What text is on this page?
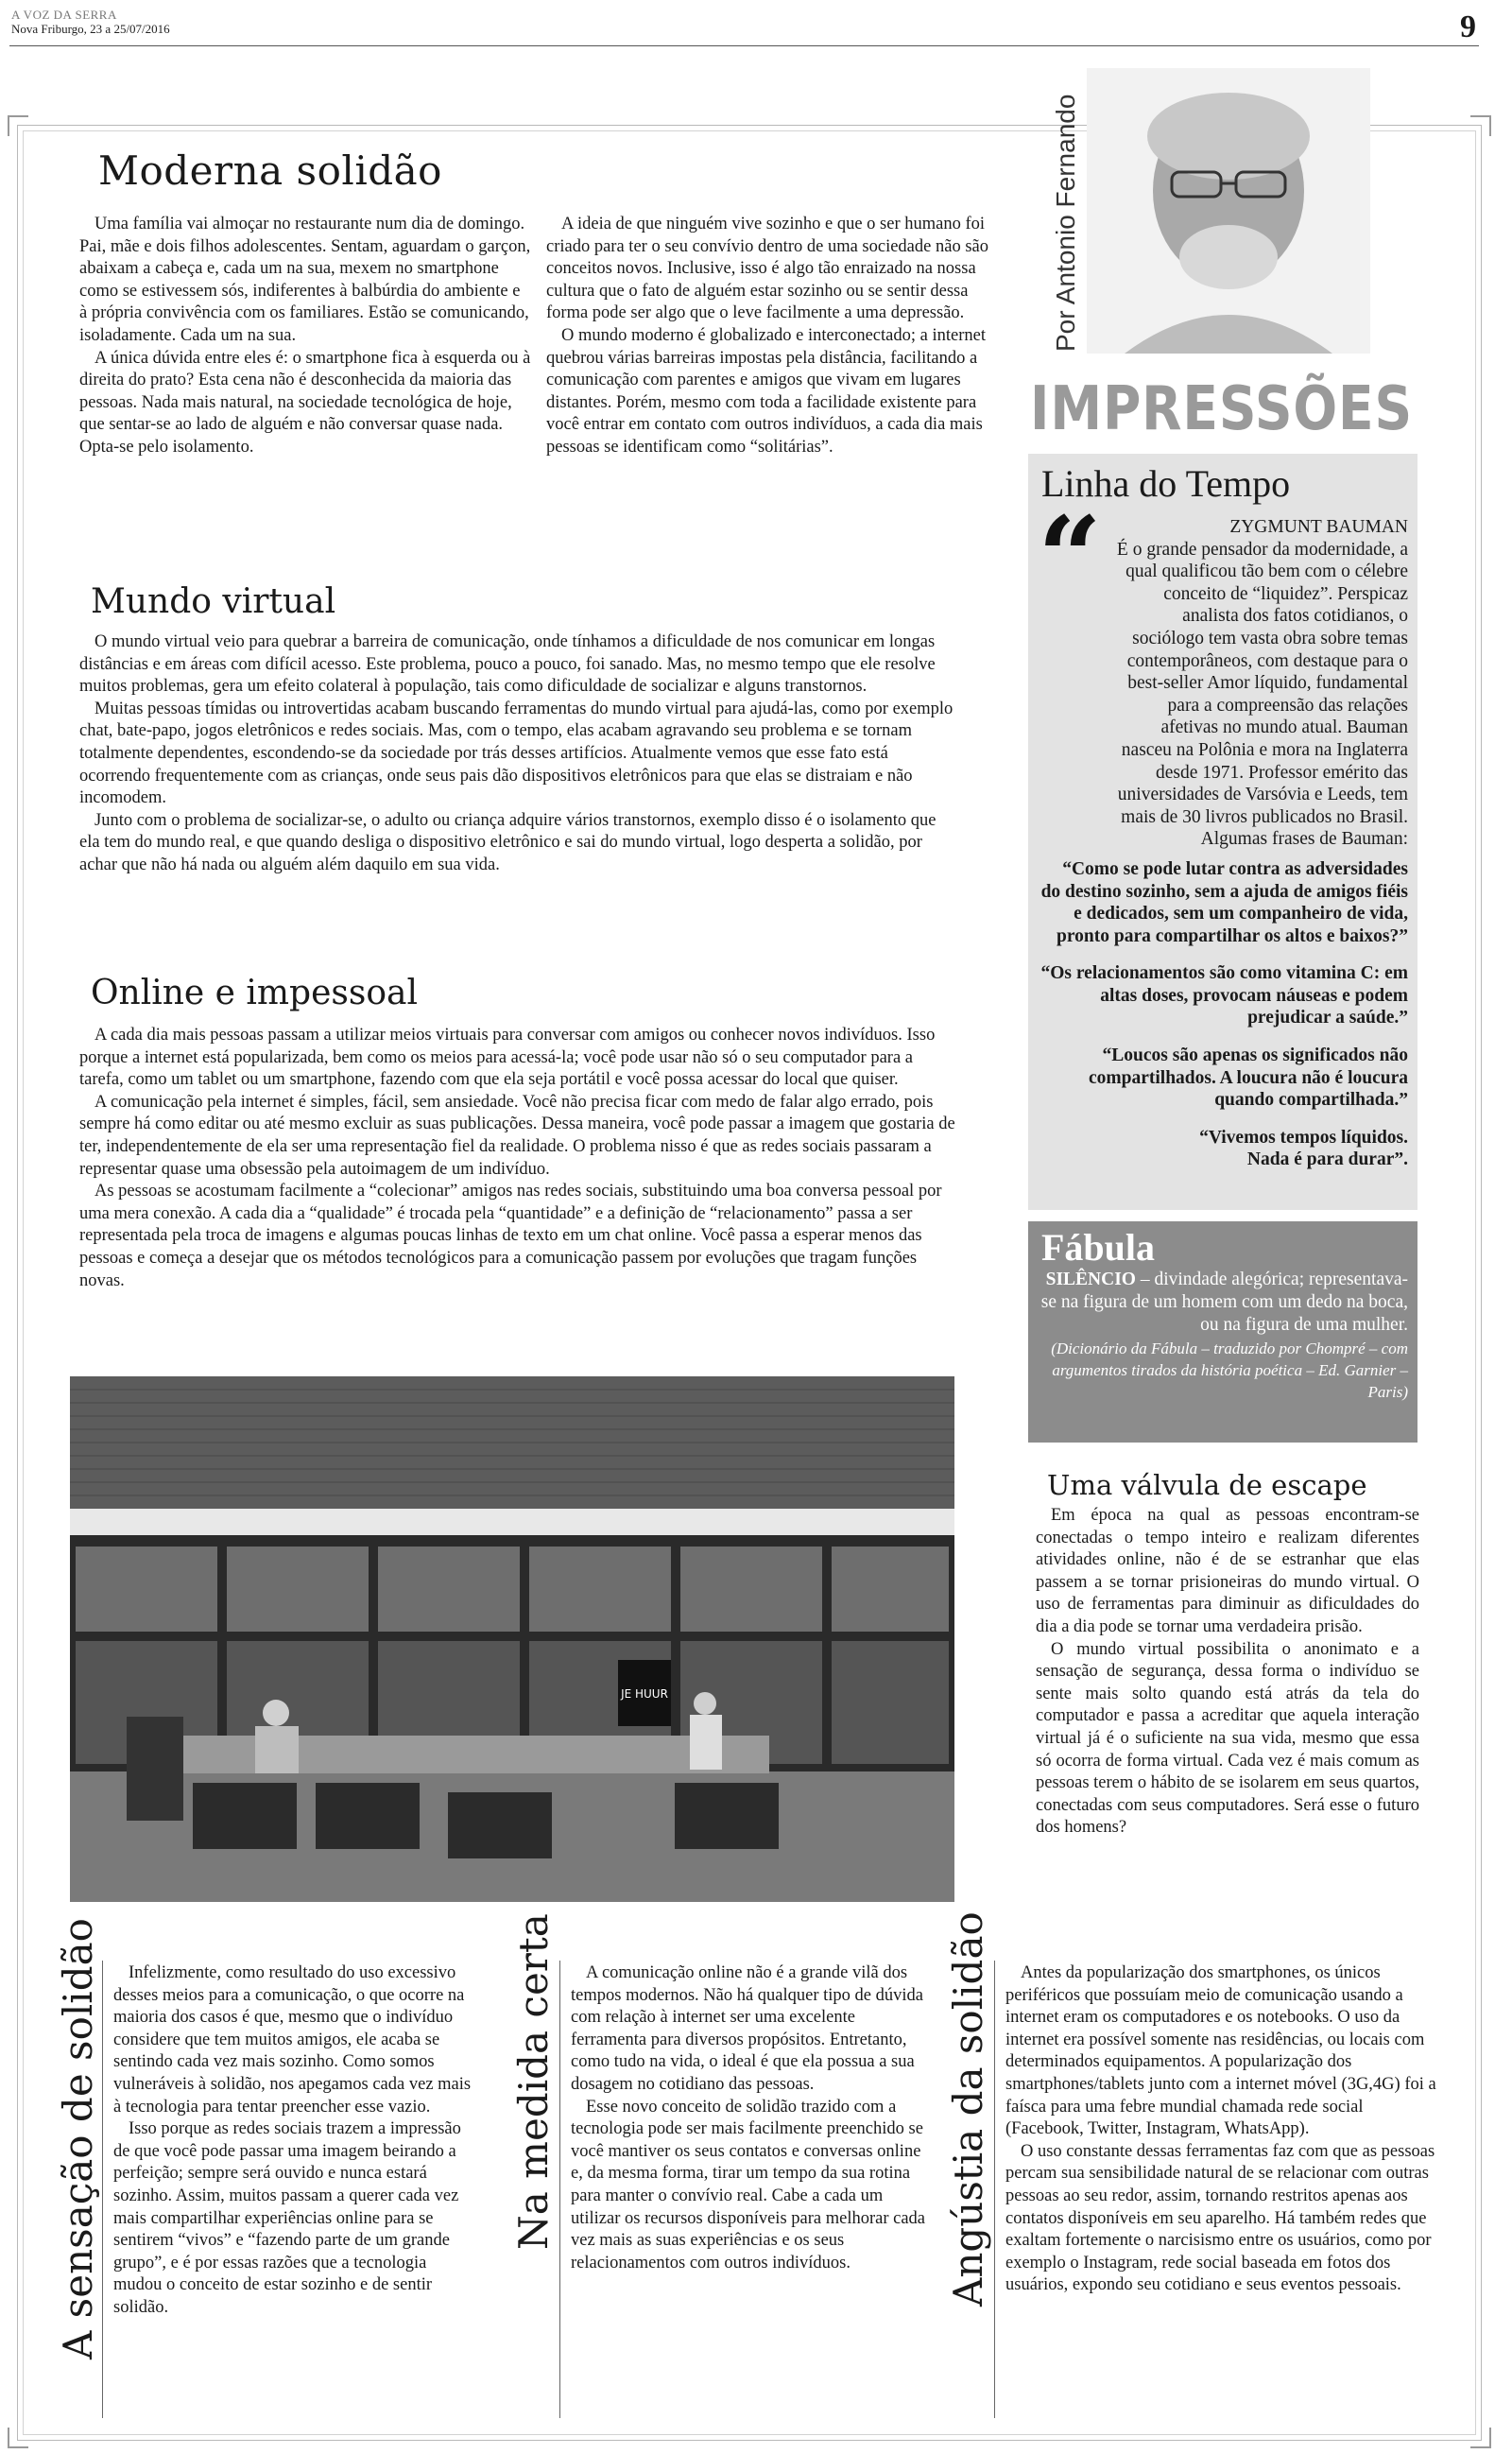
A VOZ DA SERRA
Nova Friburgo, 23 a 25/07/2016	9
Moderna solidão

Uma família vai almoçar no restaurante num dia de domingo. Pai, mãe e dois filhos adolescentes. Sentam, aguardam o garçon, abaixam a cabeça e, cada um na sua, mexem no smartphone como se estivessem sós, indiferentes à balbúrdia do ambiente e à própria convivência com os familiares. Estão se comunicando, isoladamente. Cada um na sua.

A única dúvida entre eles é: o smartphone fica à esquerda ou à direita do prato? Esta cena não é desconhecida da maioria das pessoas. Nada mais natural, na sociedade tecnológica de hoje, que sentar-se ao lado de alguém e não conversar quase nada. Opta-se pelo isolamento.

A ideia de que ninguém vive sozinho e que o ser humano foi criado para ter o seu convívio dentro de uma sociedade não são conceitos novos. Inclusive, isso é algo tão enraizado na nossa cultura que o fato de alguém estar sozinho ou se sentir dessa forma pode ser algo que o leve facilmente a uma depressão.

O mundo moderno é globalizado e interconectado; a internet quebrou várias barreiras impostas pela distância, facilitando a comunicação com parentes e amigos que vivam em lugares distantes. Porém, mesmo com toda a facilidade existente para você entrar em contato com outros indivíduos, a cada dia mais pessoas se identificam como “solitárias”.

Mundo virtual

O mundo virtual veio para quebrar a barreira de comunicação, onde tínhamos a dificuldade de nos comunicar em longas distâncias e em áreas com difícil acesso. Este problema, pouco a pouco, foi sanado. Mas, no mesmo tempo que ele resolve muitos problemas, gera um efeito colateral à população, tais como dificuldade de socializar e alguns transtornos.

Muitas pessoas tímidas ou introvertidas acabam buscando ferramentas do mundo virtual para ajudá-las, como por exemplo chat, bate-papo, jogos eletrônicos e redes sociais. Mas, com o tempo, elas acabam agravando seu problema e se tornam totalmente dependentes, escondendo-se da sociedade por trás desses artifícios. Atualmente vemos que esse fato está ocorrendo frequentemente com as crianças, onde seus pais dão dispositivos eletrônicos para que elas se distraiam e não incomodem.

Junto com o problema de socializar-se, o adulto ou criança adquire vários transtornos, exemplo disso é o isolamento que ela tem do mundo real, e que quando desliga o dispositivo eletrônico e sai do mundo virtual, logo desperta a solidão, por achar que não há nada ou alguém além daquilo em sua vida.

Online e impessoal

A cada dia mais pessoas passam a utilizar meios virtuais para conversar com amigos ou conhecer novos indivíduos. Isso porque a internet está popularizada, bem como os meios para acessá-la; você pode usar não só o seu computador para a tarefa, como um tablet ou um smartphone, fazendo com que ela seja portátil e você possa acessar do local que quiser.

A comunicação pela internet é simples, fácil, sem ansiedade. Você não precisa ficar com medo de falar algo errado, pois sempre há como editar ou até mesmo excluir as suas publicações. Dessa maneira, você pode passar a imagem que gostaria de ter, independentemente de ela ser uma representação fiel da realidade. O problema nisso é que as redes sociais passaram a representar quase uma obsessão pela autoimagem de um indivíduo.

As pessoas se acostumam facilmente a “colecionar” amigos nas redes sociais, substituindo uma boa conversa pessoal por uma mera conexão. A cada dia a “qualidade” é trocada pela “quantidade” e a definição de “relacionamento” passa a ser representada pela troca de imagens e algumas poucas linhas de texto em um chat online. Você passa a esperar menos das pessoas e começa a desejar que os métodos tecnológicos para a comunicação passem por evoluções que tragam funções novas.

JE HUUR
Por Antonio Fernando
IMPRESSÕES
Linha do Tempo
“	ZYGMUNT BAUMAN
É o grande pensador da modernidade, a qual qualificou tão bem com o célebre conceito de “liquidez”. Perspicaz analista dos fatos cotidianos, o sociólogo tem vasta obra sobre temas contemporâneos, com destaque para o best-seller Amor líquido, fundamental para a compreensão das relações afetivas no mundo atual. Bauman nasceu na Polônia e mora na Inglaterra desde 1971. Professor emérito das universidades de Varsóvia e Leeds, tem mais de 30 livros publicados no Brasil. Algumas frases de Bauman:
“Como se pode lutar contra as adversidades do destino sozinho, sem a ajuda de amigos fiéis e dedicados, sem um companheiro de vida, pronto para compartilhar os altos e baixos?”
“Os relacionamentos são como vitamina C: em altas doses, provocam náuseas e podem prejudicar a saúde.”
“Loucos são apenas os significados não compartilhados. A loucura não é loucura quando compartilhada.”
“Vivemos tempos líquidos. Nada é para durar”.
Fábula
SILÊNCIO – divindade alegórica; representava-se na figura de um homem com um dedo na boca, ou na figura de uma mulher.
(Dicionário da Fábula – traduzido por Chompré – com argumentos tirados da história poética – Ed. Garnier – Paris)
Uma válvula de escape

Em época na qual as pessoas encontram-se conectadas o tempo inteiro e realizam diferentes atividades online, não é de se estranhar que elas passem a se tornar prisioneiras do mundo virtual. O uso de ferramentas para diminuir as dificuldades do dia a dia pode se tornar uma verdadeira prisão.

O mundo virtual possibilita o anonimato e a sensação de segurança, dessa forma o indivíduo se sente mais solto quando está atrás da tela do computador e passa a acreditar que aquela interação virtual já é o suficiente na sua vida, mesmo que essa só ocorra de forma virtual. Cada vez é mais comum as pessoas terem o hábito de se isolarem em seus quartos, conectadas com seus computadores. Será esse o futuro dos homens?

A sensação de solidão	Infelizmente, como resultado do uso excessivo desses meios para a comunicação, o que ocorre na maioria dos casos é que, mesmo que o indivíduo considere que tem muitos amigos, ele acaba se sentindo cada vez mais sozinho. Como somos vulneráveis à solidão, nos apegamos cada vez mais à tecnologia para tentar preencher esse vazio.

Isso porque as redes sociais trazem a impressão de que você pode passar uma imagem beirando a perfeição; sempre será ouvido e nunca estará sozinho. Assim, muitos passam a querer cada vez mais compartilhar experiências online para se sentirem “vivos” e “fazendo parte de um grande grupo”, e é por essas razões que a tecnologia mudou o conceito de estar sozinho e de sentir solidão.

Na medida certa	A comunicação online não é a grande vilã dos tempos modernos. Não há qualquer tipo de dúvida com relação à internet ser uma excelente ferramenta para diversos propósitos. Entretanto, como tudo na vida, o ideal é que ela possua a sua dosagem no cotidiano das pessoas.

Esse novo conceito de solidão trazido com a tecnologia pode ser mais facilmente preenchido se você mantiver os seus contatos e conversas online e, da mesma forma, tirar um tempo da sua rotina para manter o convívio real. Cabe a cada um utilizar os recursos disponíveis para melhorar cada vez mais as suas experiências e os seus relacionamentos com outros indivíduos.	Angústia da solidão	Antes da popularização dos smartphones, os únicos periféricos que possuíam meio de comunicação usando a internet eram os computadores e os notebooks. O uso da internet era possível somente nas residências, ou locais com determinados equipamentos. A popularização dos smartphones/tablets junto com a internet móvel (3G,4G) foi a faísca para uma febre mundial chamada rede social (Facebook, Twitter, Instagram, WhatsApp).

O uso constante dessas ferramentas faz com que as pessoas percam sua sensibilidade natural de se relacionar com outras pessoas ao seu redor, assim, tornando restritos apenas aos contatos disponíveis em seu aparelho. Há também redes que exaltam fortemente o narcisismo entre os usuários, como por exemplo o Instagram, rede social baseada em fotos dos usuários, expondo seu cotidiano e seus eventos pessoais.
